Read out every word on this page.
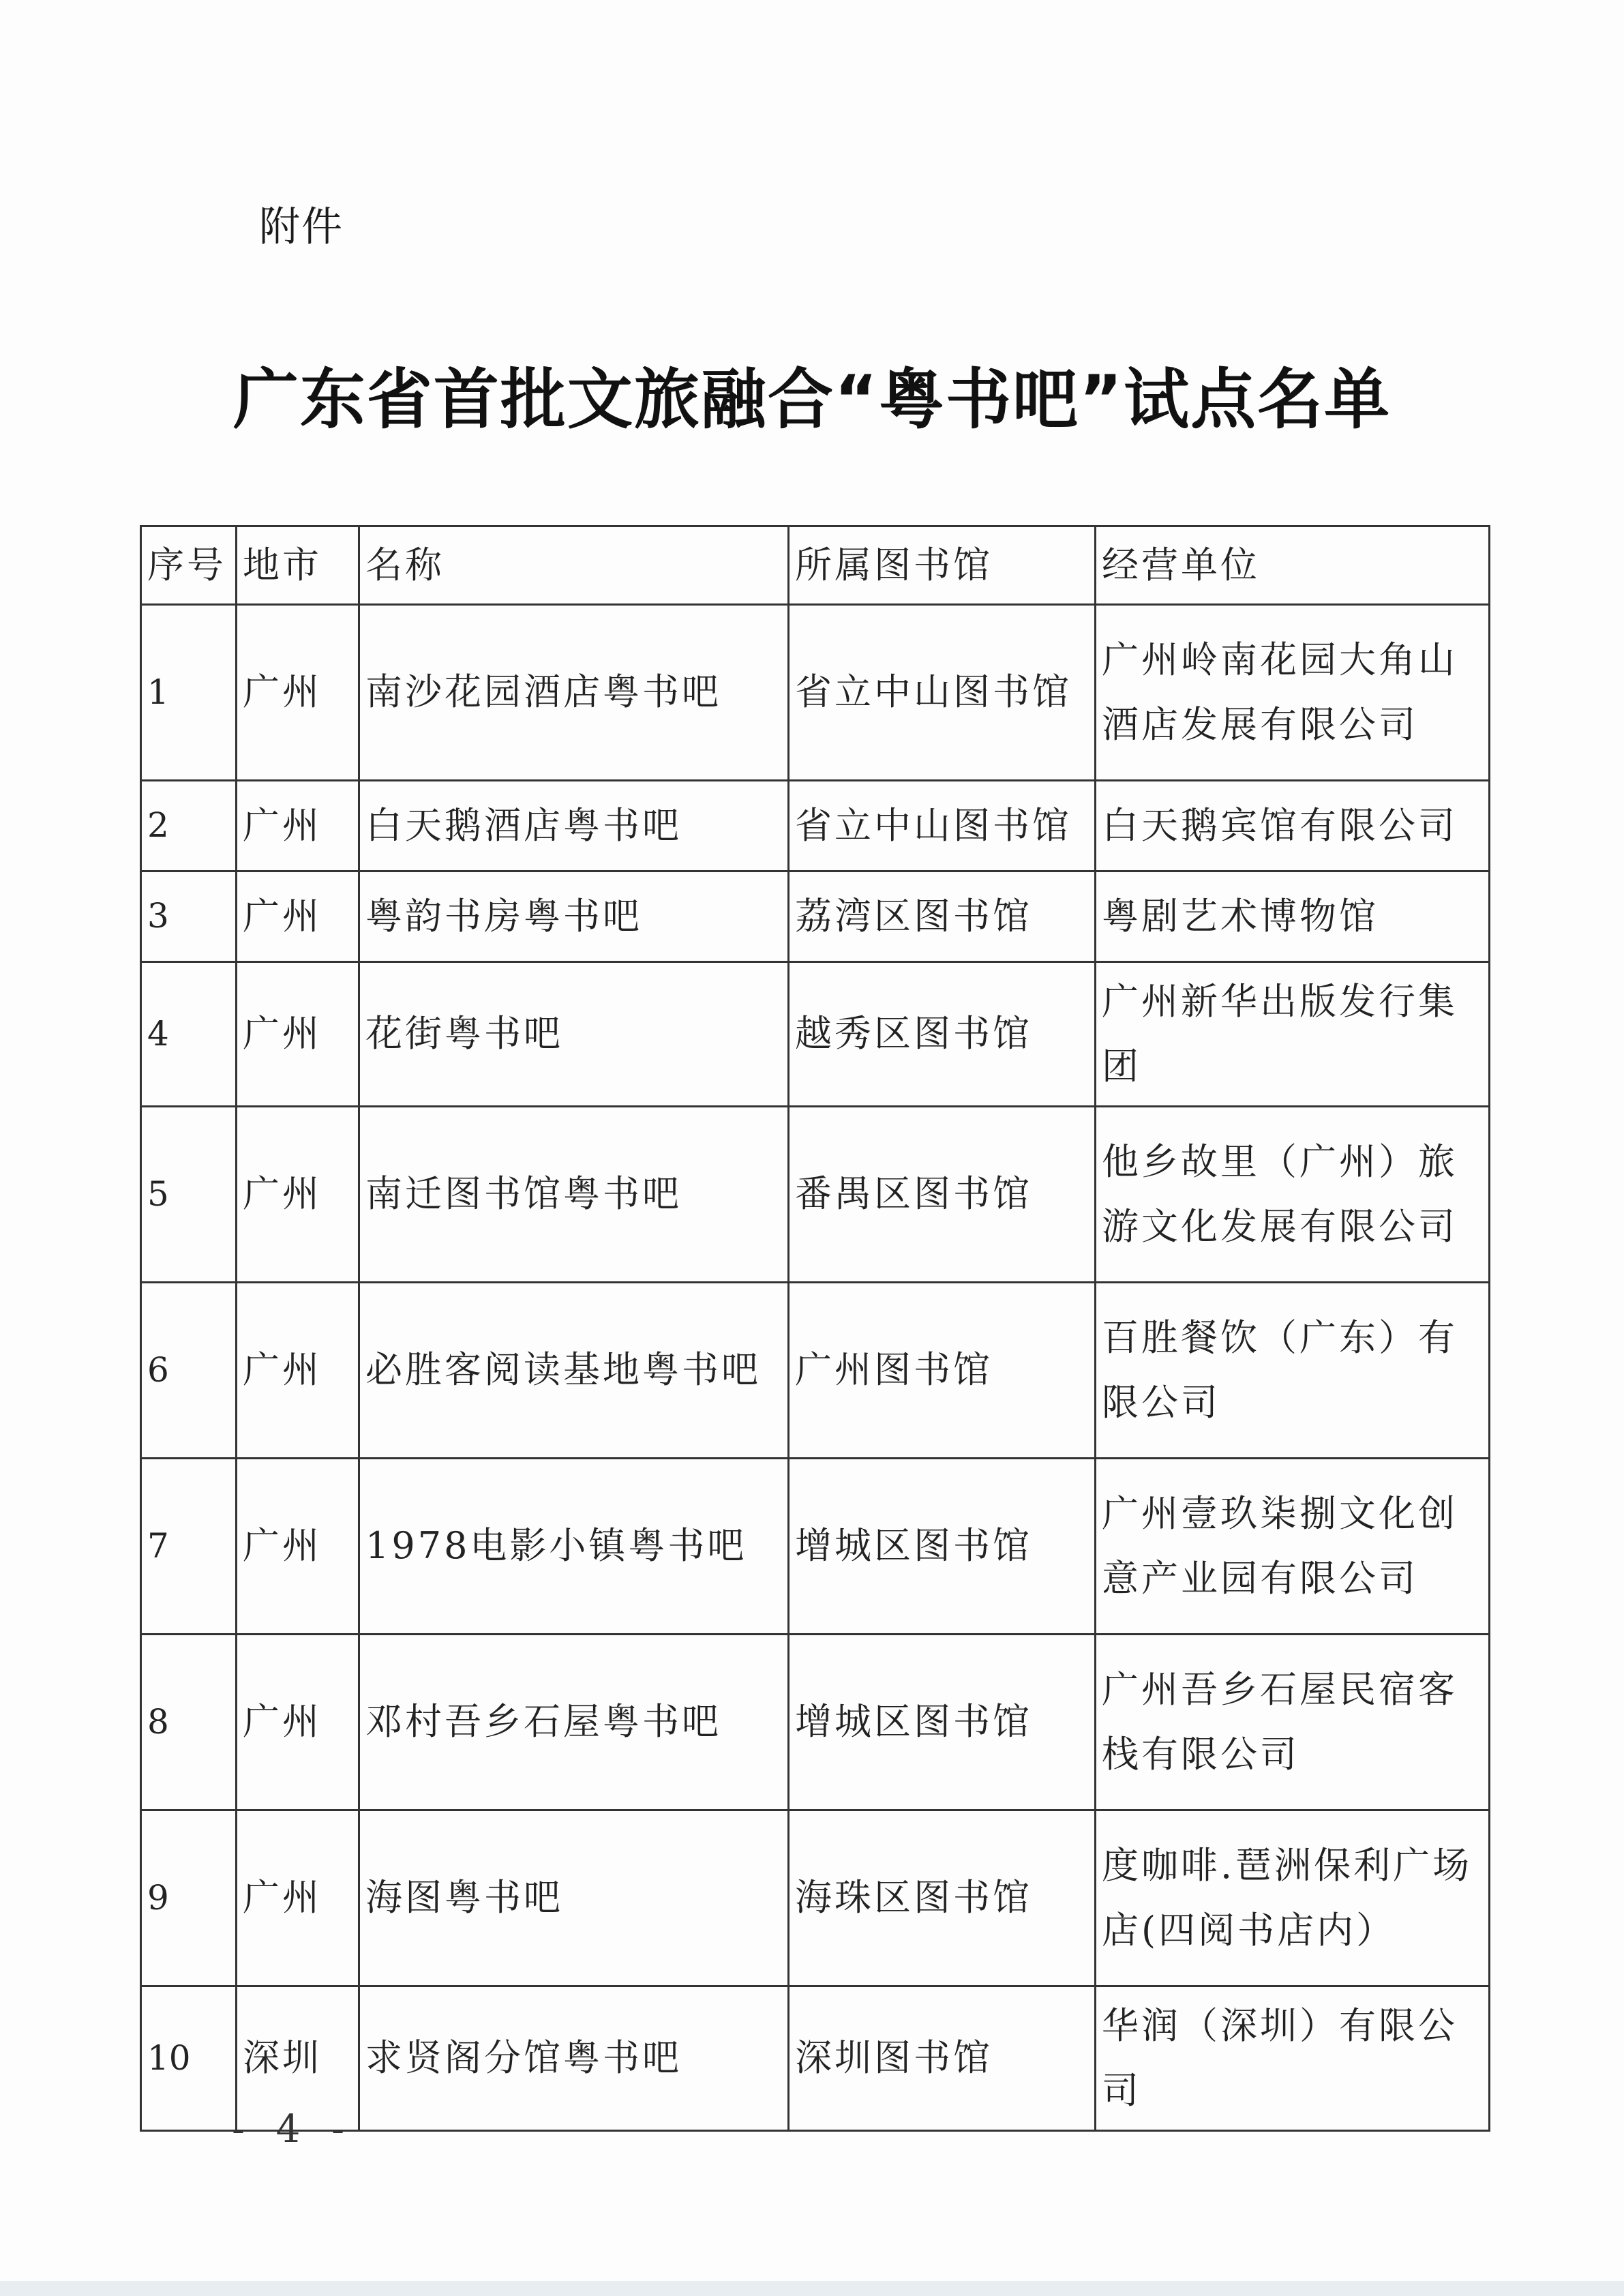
附件
广东省首批文旅融合“粤书吧”试点名单
序号	地市	名称	所属图书馆	经营单位
1	广州	南沙花园酒店粤书吧	省立中山图书馆	广州岭南花园大角山酒店发展有限公司
2	广州	白天鹅酒店粤书吧	省立中山图书馆	白天鹅宾馆有限公司
3	广州	粤韵书房粤书吧	荔湾区图书馆	粤剧艺术博物馆
4	广州	花街粤书吧	越秀区图书馆	广州新华出版发行集团
5	广州	南迁图书馆粤书吧	番禺区图书馆	他乡故里（广州）旅游文化发展有限公司
6	广州	必胜客阅读基地粤书吧	广州图书馆	百胜餐饮（广东）有限公司
7	广州	1978电影小镇粤书吧	增城区图书馆	广州壹玖柒捌文化创意产业园有限公司
8	广州	邓村吾乡石屋粤书吧	增城区图书馆	广州吾乡石屋民宿客栈有限公司
9	广州	海图粤书吧	海珠区图书馆	度咖啡.琶洲保利广场店(四阅书店内）
10	深圳	求贤阁分馆粤书吧	深圳图书馆	华润（深圳）有限公司
- 4 -
